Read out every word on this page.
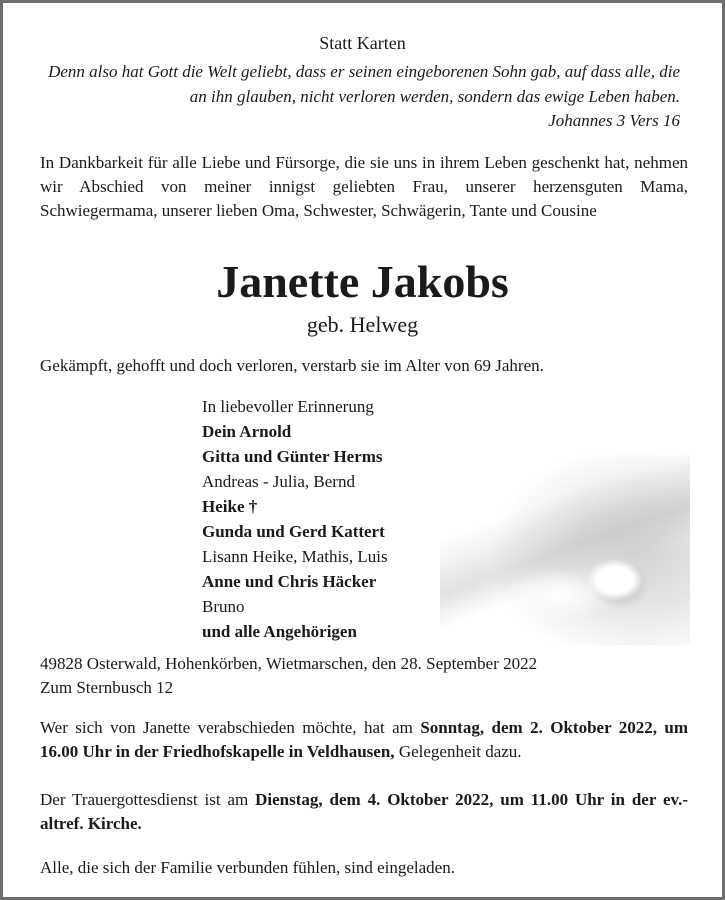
Statt Karten
Denn also hat Gott die Welt geliebt, dass er seinen eingeborenen Sohn gab, auf dass alle, die an ihn glauben, nicht verloren werden, sondern das ewige Leben haben.
Johannes 3 Vers 16
In Dankbarkeit für alle Liebe und Fürsorge, die sie uns in ihrem Leben geschenkt hat, nehmen wir Abschied von meiner innigst geliebten Frau, unserer herzensguten Mama, Schwiegermama, unserer lieben Oma, Schwester, Schwägerin, Tante und Cousine
Janette Jakobs
geb. Helweg
Gekämpft, gehofft und doch verloren, verstarb sie im Alter von 69 Jahren.
In liebevoller Erinnerung
Dein Arnold
Gitta und Günter Herms
Andreas - Julia, Bernd
Heike †
Gunda und Gerd Kattert
Lisann Heike, Mathis, Luis
Anne und Chris Häcker
Bruno
und alle Angehörigen
49828 Osterwald, Hohenkörben, Wietmarschen, den 28. September 2022
Zum Sternbusch 12
Wer sich von Janette verabschieden möchte, hat am Sonntag, dem 2. Oktober 2022, um 16.00 Uhr in der Friedhofskapelle in Veldhausen, Gelegenheit dazu.
Der Trauergottesdienst ist am Dienstag, dem 4. Oktober 2022, um 11.00 Uhr in der ev.-altref. Kirche.
Alle, die sich der Familie verbunden fühlen, sind eingeladen.
